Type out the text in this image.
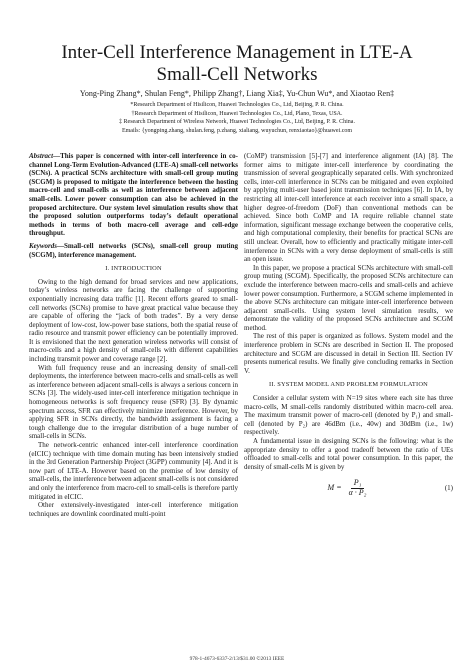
Inter-Cell Interference Management in LTE-A
Small-Cell Networks
Yong-Ping Zhang*, Shulan Feng*, Philipp Zhang†, Liang Xia‡, Yu-Chun Wu*, and Xiaotao Ren‡
*Research Department of Hisilicon, Huawei Technologies Co., Ltd, Beijing, P. R. China.
†Research Department of Hisilicon, Huawei Technologies Co., Ltd, Plano, Texas, USA.
‡ Research Department of Wireless Network, Huawei Technologies Co., Ltd, Beijing, P. R. China.
Emails: {yongping.zhang, shulan.feng, p.zhang, xialiang, wuyuchun, renxiaotao}@huawei.com
Abstract—This paper is concerned with inter-cell interference in co-channel Long-Term Evolution-Advanced (LTE-A) small-cell networks (SCNs). A practical SCNs architecture with small-cell group muting (SCGM) is proposed to mitigate the interference between the hosting macro-cell and small-cells as well as interference between adjacent small-cells. Lower power consumption can also be achieved in the proposed architecture. Our system level simulation results show that the proposed solution outperforms today’s default operational methods in terms of both macro-cell average and cell-edge throughput.
Keywords—Small-cell networks (SCNs), small-cell group muting (SCGM), interference management.
I. INTRODUCTION

Owing to the high demand for broad services and new applications, today’s wireless networks are facing the challenge of supporting exponentially increasing data traffic [1]. Recent efforts geared to small-cell networks (SCNs) promise to have great practical value because they are capable of offering the “jack of both trades”. By a very dense deployment of low-cost, low-power base stations, both the spatial reuse of radio resource and transmit power efficiency can be potentially improved. It is envisioned that the next generation wireless networks will consist of macro-cells and a high density of small-cells with different capabilities including transmit power and coverage range [2].

With full frequency reuse and an increasing density of small-cell deployments, the interference between macro-cells and small-cells as well as interference between adjacent small-cells is always a serious concern in SCNs [3]. The widely-used inter-cell interference mitigation technique in homogeneous networks is soft frequency reuse (SFR) [3]. By dynamic spectrum access, SFR can effectively minimize interference. However, by applying SFR in SCNs directly, the bandwidth assignment is facing a tough challenge due to the irregular distribution of a huge number of small-cells in SCNs.

The network-centric enhanced inter-cell interference coordination (eICIC) technique with time domain muting has been intensively studied in the 3rd Generation Partnership Project (3GPP) community [4]. And it is now part of LTE-A. However based on the premise of low density of small-cells, the interference between adjacent small-cells is not considered and only the interference from macro-cell to small-cells is therefore partly mitigated in eICIC.

Other extensively-investigated inter-cell interference mitigation techniques are downlink coordinated multi-point

(CoMP) transmission [5]-[7] and interference alignment (IA) [8]. The former aims to mitigate inter-cell interference by coordinating the transmission of several geographically separated cells. With synchronized cells, inter-cell interference in SCNs can be mitigated and even exploited by applying multi-user based joint transmission techniques [6]. In IA, by restricting all inter-cell interference at each receiver into a small space, a higher degree-of-freedom (DoF) than conventional methods can be achieved. Since both CoMP and IA require reliable channel state information, significant message exchange between the cooperative cells, and high computational complexity, their benefits for practical SCNs are still unclear. Overall, how to efficiently and practically mitigate inter-cell interference in SCNs with a very dense deployment of small-cells is still an open issue.

In this paper, we propose a practical SCNs architecture with small-cell group muting (SCGM). Specifically, the proposed SCNs architecture can exclude the interference between macro-cells and small-cells and achieve lower power consumption. Furthermore, a SCGM scheme implemented in the above SCNs architecture can mitigate inter-cell interference between adjacent small-cells. Using system level simulation results, we demonstrate the validity of the proposed SCNs architecture and SCGM method.

The rest of this paper is organized as follows. System model and the interference problem in SCNs are described in Section II. The proposed architecture and SCGM are discussed in detail in Section III. Section IV presents numerical results. We finally give concluding remarks in Section V.

II. SYSTEM MODEL AND PROBLEM FORMULATION

Consider a cellular system with N=19 sites where each site has three macro-cells, M small-cells randomly distributed within macro-cell area. The maximum transmit power of macro-cell (denoted by P₁) and small-cell (denoted by P₂) are 46dBm (i.e., 40w) and 30dBm (i.e., 1w) respectively.

A fundamental issue in designing SCNs is the following: what is the appropriate density to offer a good tradeoff between the ratio of UEs offloaded to small-cells and total power consumption. In this paper, the density of small-cells M is given by

$M = \frac{\text{P₁}}{\text{α · P₂}}$	(1)
978-1-4673-6337-2/13/$31.00 ©2013 IEEE
